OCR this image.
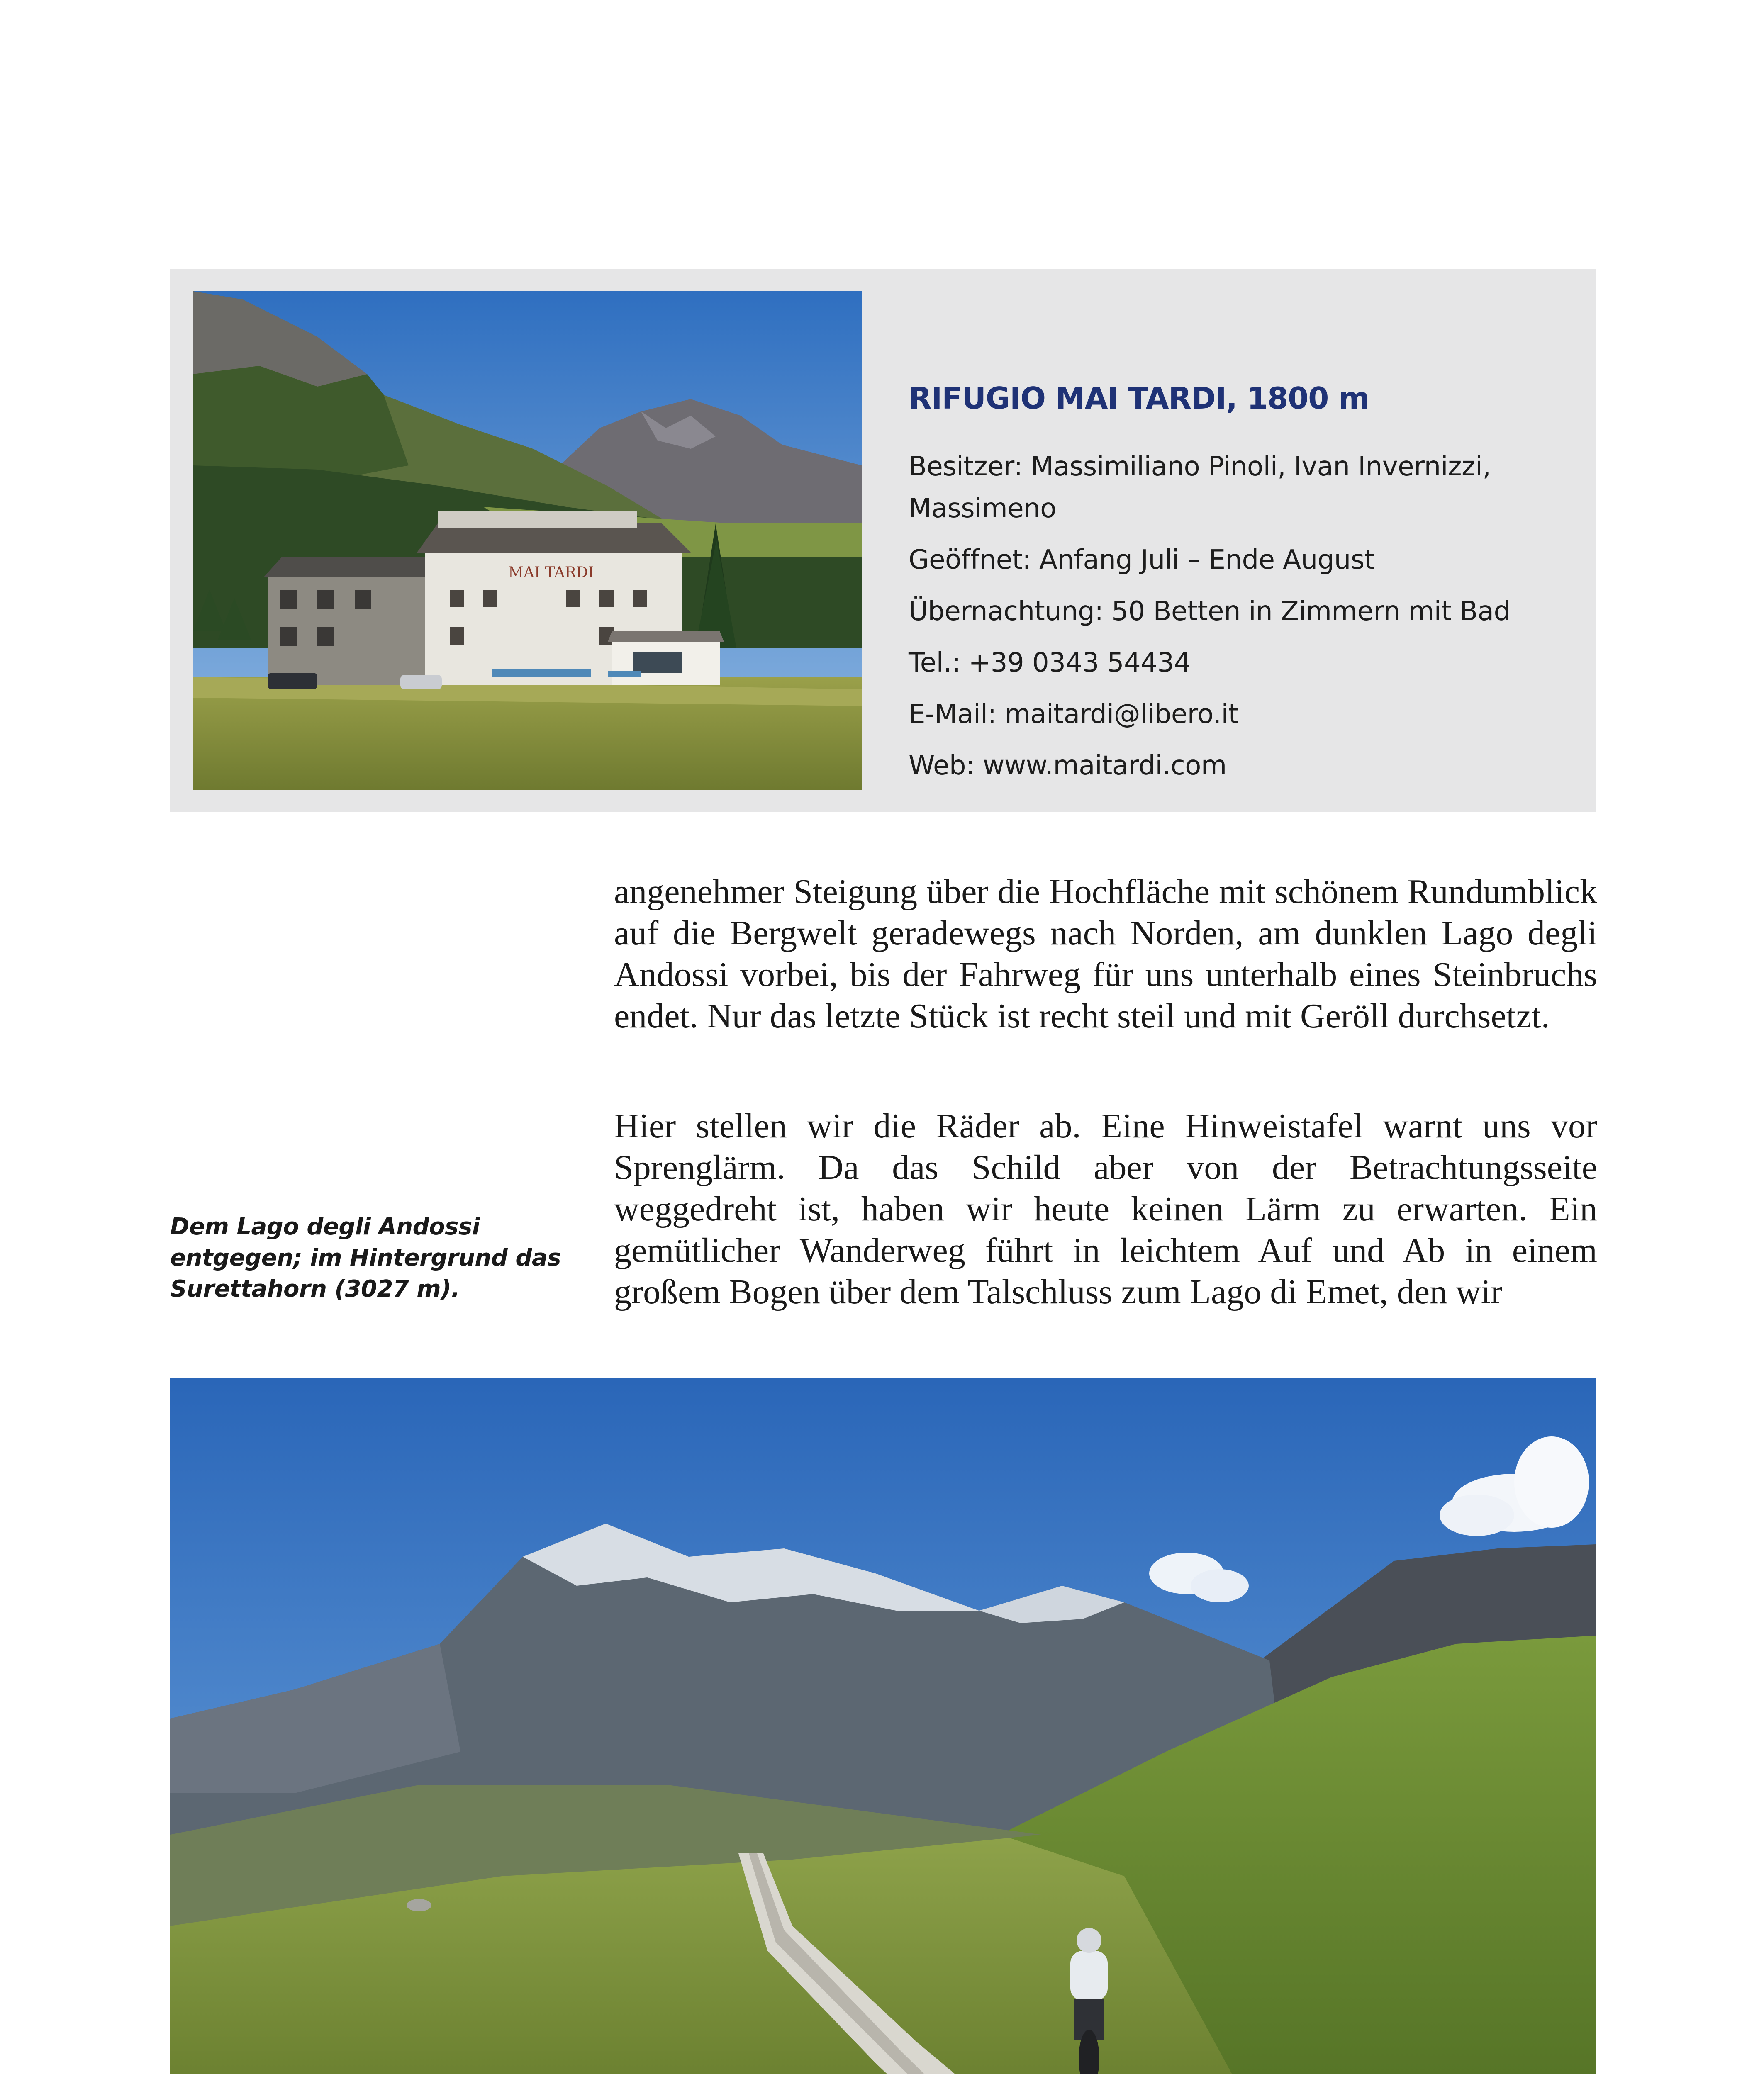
MAI TARDI
RIFUGIO MAI TARDI, 1800 m
Besitzer: Massimiliano Pinoli, Ivan Invernizzi,
Massimeno
Geöffnet: Anfang Juli – Ende August
Übernachtung: 50 Betten in Zimmern mit Bad
Tel.: +39 0343 54434
E-Mail: maitardi@libero.it
Web: www.maitardi.com

angenehmer Steigung über die Hochfläche mit schönem Rundumblick auf die Bergwelt geradewegs nach Norden, am dunklen Lago degli Andossi vorbei, bis der Fahrweg für uns unterhalb eines Steinbruchs endet. Nur das letzte Stück ist recht steil und mit Geröll durchsetzt.

Hier stellen wir die Räder ab. Eine Hinweistafel warnt uns vor Sprenglärm. Da das Schild aber von der Betrachtungsseite weggedreht ist, haben wir heute keinen Lärm zu erwarten. Ein gemütlicher Wanderweg führt in leichtem Auf und Ab in einem großem Bogen über dem Talschluss zum Lago di Emet, den wir

Dem Lago degli Andossi
entgegen; im Hintergrund das
Surettahorn (3027 m).
